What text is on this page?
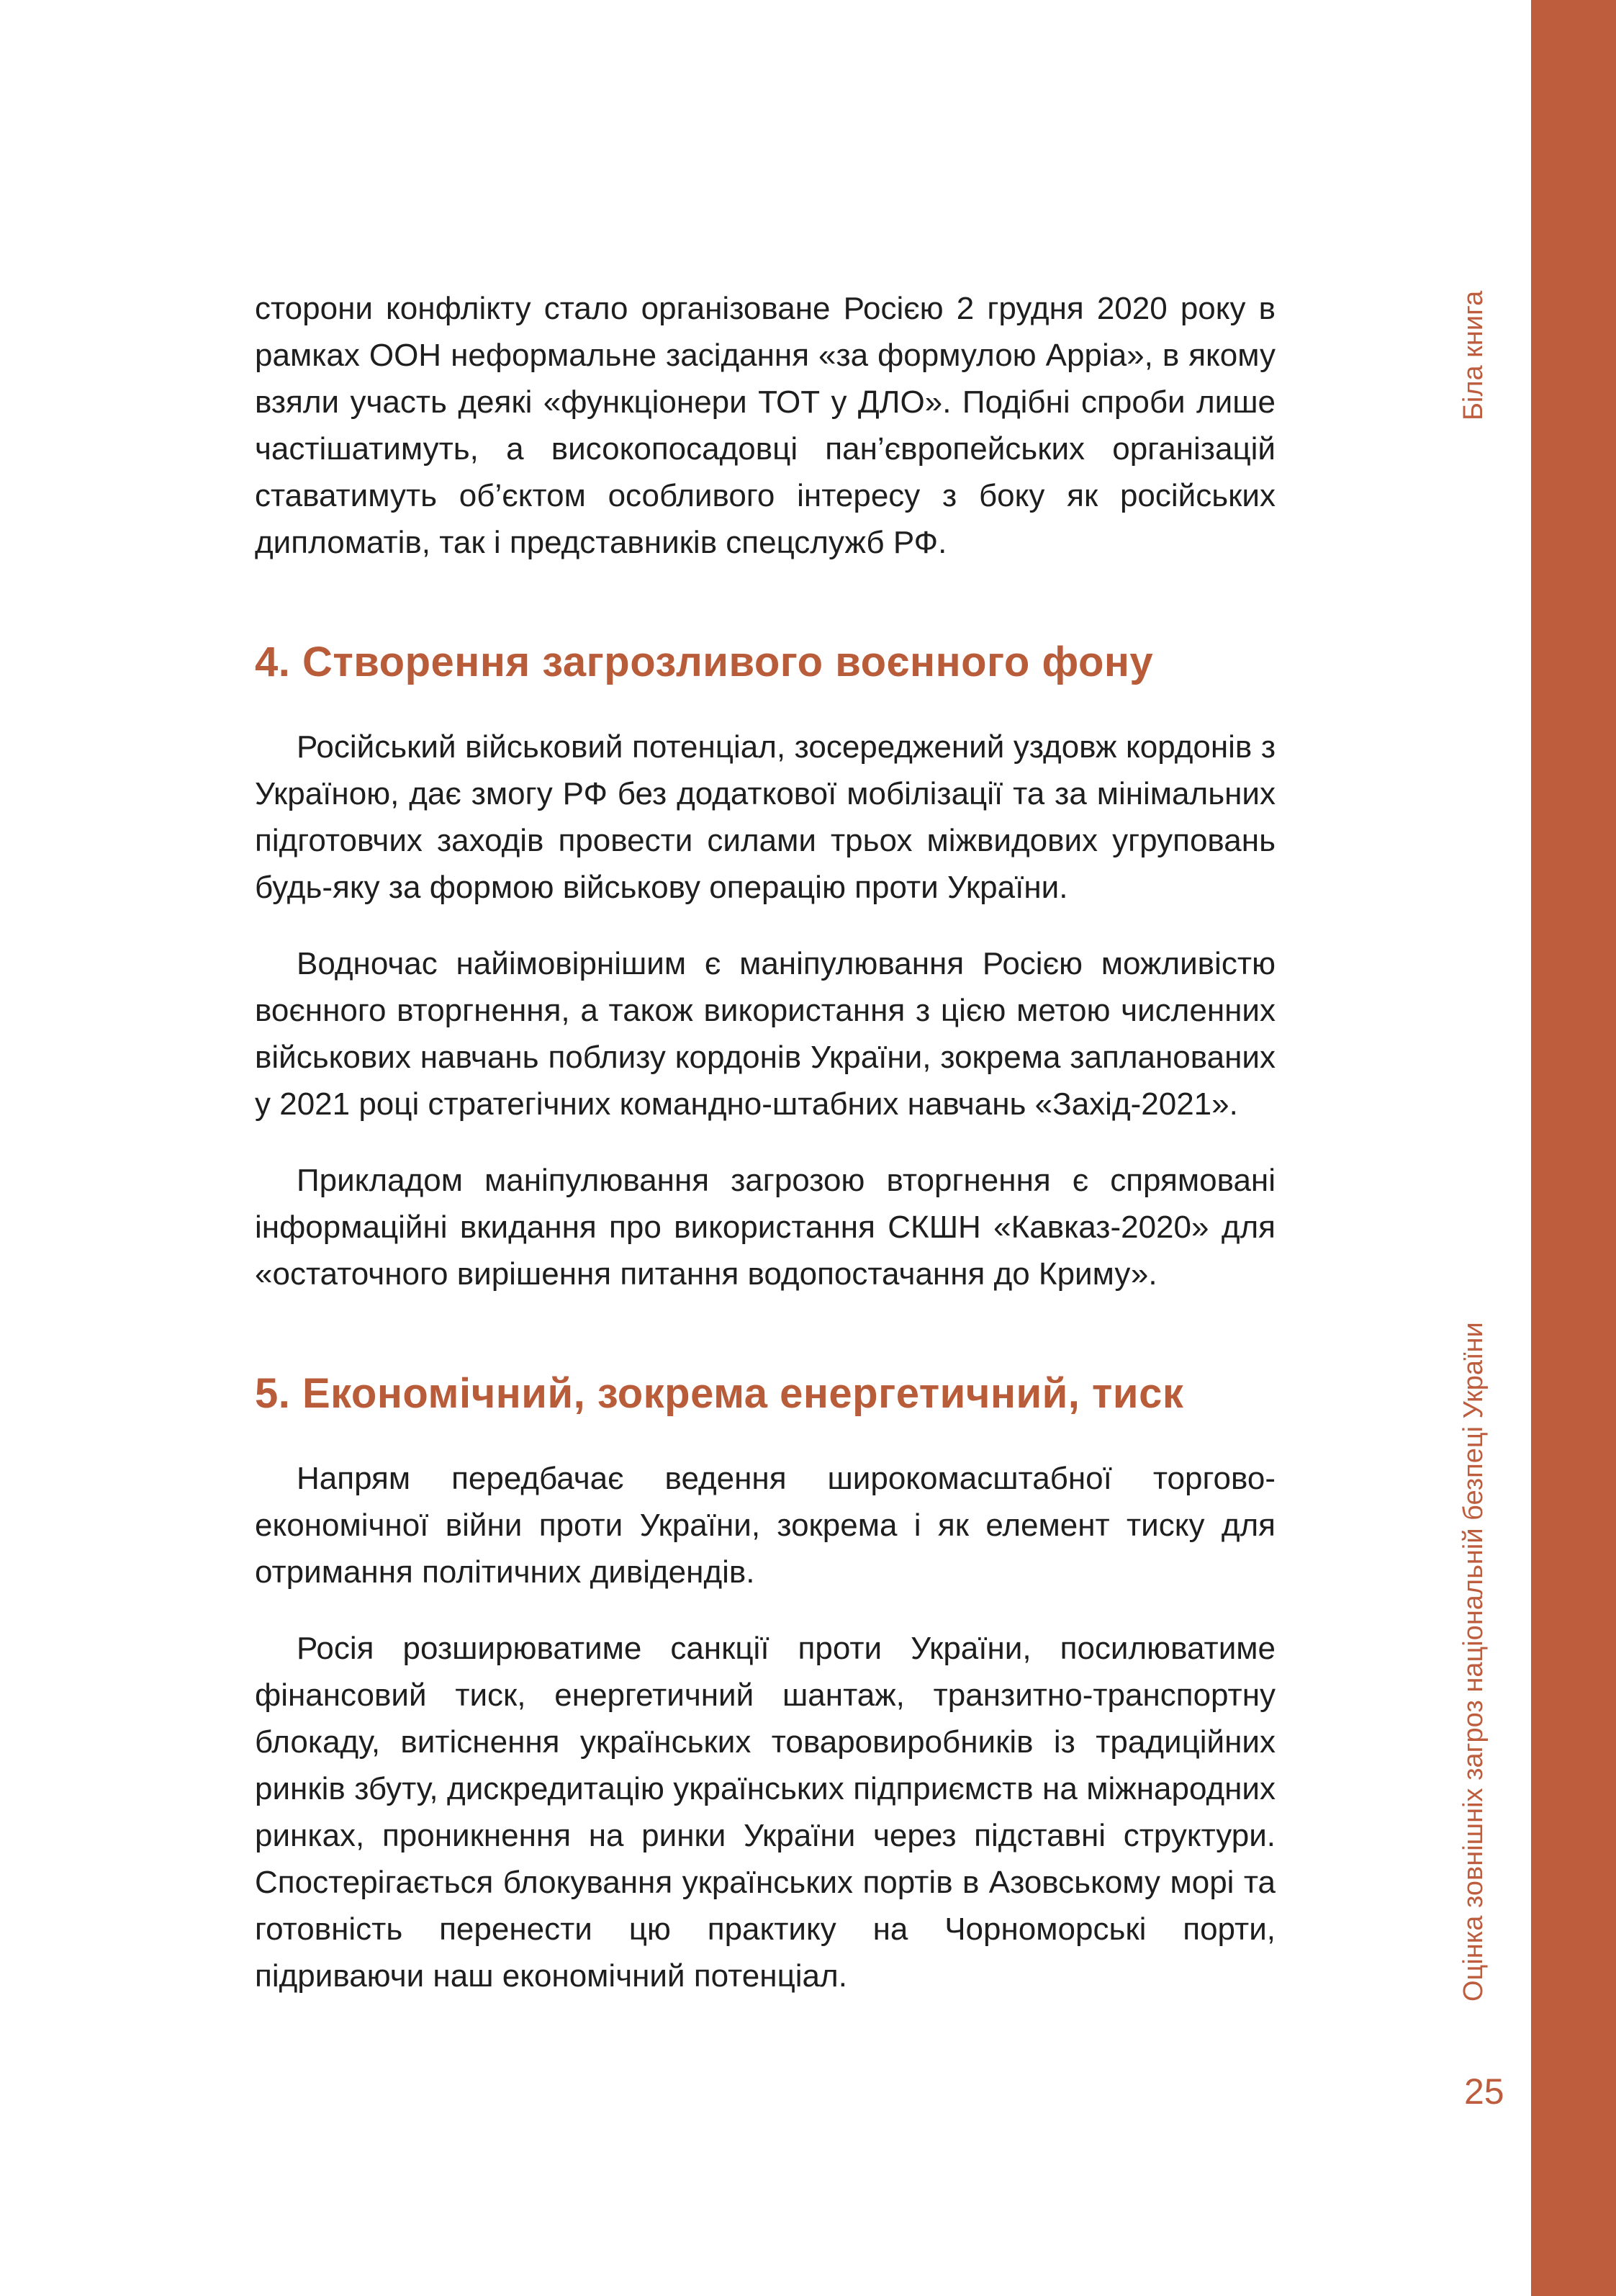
Біла книга
Оцінка зовнішніх загроз національній безпеці України
25

сторони конфлікту стало організоване Росією 2 грудня 2020 року в рамках ООН неформальне засідання «за формулою Арріа», в якому взяли участь деякі «функціонери ТОТ у ДЛО». Подібні спроби лише частішатимуть, а високопосадовці пан’європейських організацій ставатимуть об’єктом особливого інтересу з боку як російських дипломатів, так і представників спецслужб РФ.

4. Створення загрозливого воєнного фону

Російський військовий потенціал, зосереджений уздовж кордонів з Україною, дає змогу РФ без додаткової мобілізації та за мінімальних підготовчих заходів провести силами трьох міжвидових угруповань будь-яку за формою військову операцію проти України.

Водночас найімовірнішим є маніпулювання Росією можливістю воєнного вторгнення, а також використання з цією метою численних військових навчань поблизу кордонів України, зокрема запланованих у 2021 році стратегічних командно-штабних навчань «Захід-2021».

Прикладом маніпулювання загрозою вторгнення є спрямовані інформаційні вкидання про використання СКШН «Кавказ-2020» для «остаточного вирішення питання водопостачання до Криму».

5. Економічний, зокрема енергетичний, тиск

Напрям передбачає ведення широкомасштабної торгово-економічної війни проти України, зокрема і як елемент тиску для отримання політичних дивідендів.

Росія розширюватиме санкції проти України, посилюватиме фінансовий тиск, енергетичний шантаж, транзитно-транспортну блокаду, витіснення українських товаровиробників із традиційних ринків збуту, дискредитацію українських підприємств на міжнародних ринках, проникнення на ринки України через підставні структури. Спостерігається блокування українських портів в Азовському морі та готовність перенести цю практику на Чорноморські порти, підриваючи наш економічний потенціал.
